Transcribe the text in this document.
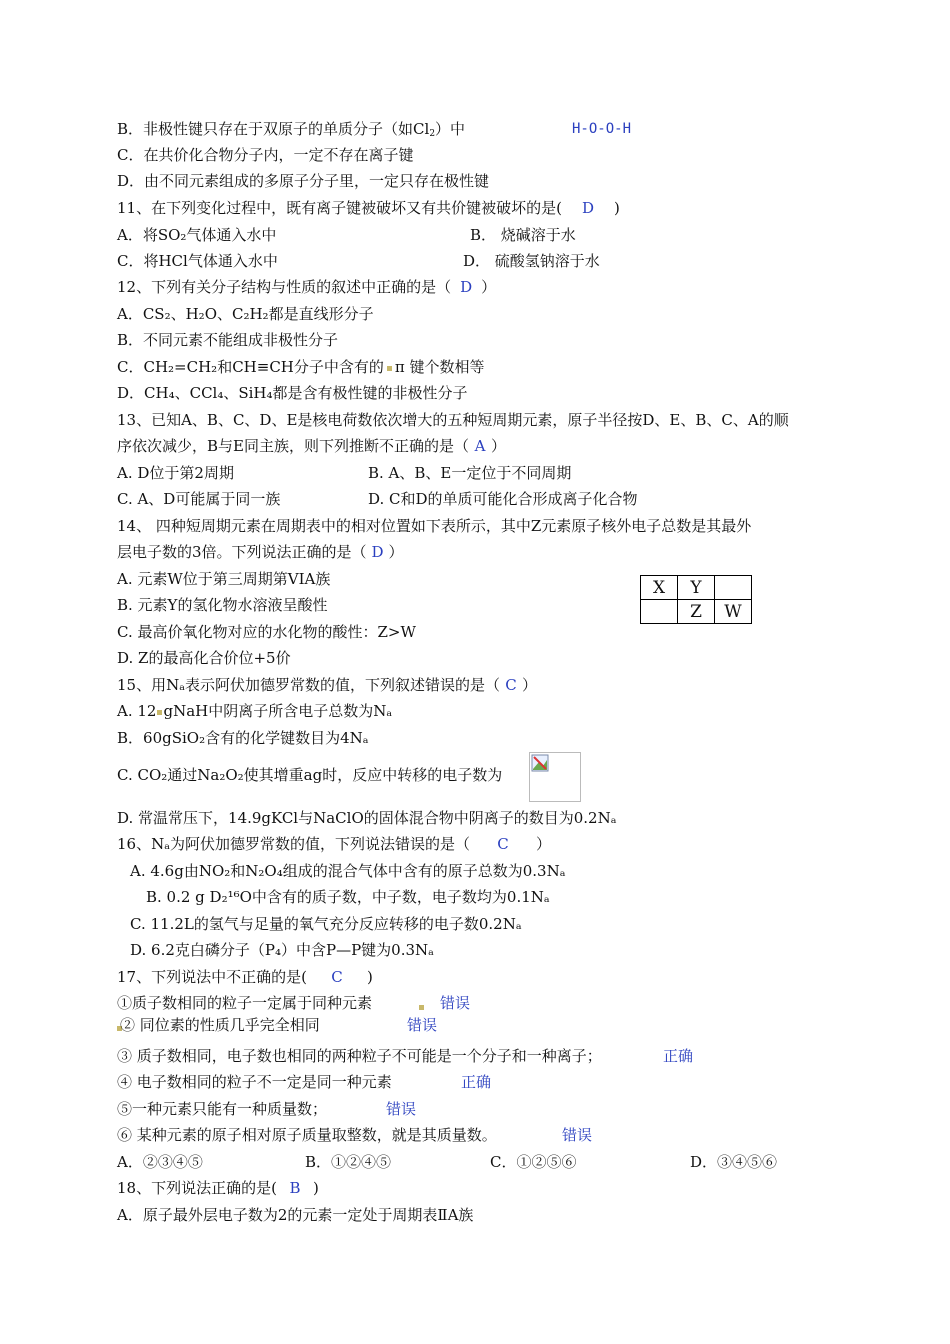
B．非极性键只存在于双原子的单质分子（如$Cl_2$）中	H-O-O-H
C．在共价化合物分子内，一定不存在离子键
D．由不同元素组成的多原子分子里，一定只存在极性键
11、在下列变化过程中，既有离子键被破坏又有共价键被破坏的是( D )
A．将SO₂气体通入水中	B． 烧碱溶于水
C．将HCl气体通入水中	D． 硫酸氢钠溶于水
12、下列有关分子结构与性质的叙述中正确的是（ D ）
A．CS₂、H₂O、C₂H₂都是直线形分子
B．不同元素不能组成非极性分子
C．CH₂=CH₂和CH≡CH分子中含有的 π 键个数相等
D．CH₄、CCl₄、SiH₄都是含有极性键的非极性分子
13、已知A、B、C、D、E是核电荷数依次增大的五种短周期元素，原子半径按D、E、B、C、A的顺
序依次减少，B与E同主族，则下列推断不正确的是（ A ）
A. D位于第2周期	B. A、B、E一定位于不同周期
C. A、D可能属于同一族	D. C和D的单质可能化合形成离子化合物
14、 四种短周期元素在周期表中的相对位置如下表所示，其中Z元素原子核外电子总数是其最外
层电子数的3倍。下列说法正确的是（ D ）
A. 元素W位于第三周期第VIA族
B. 元素Y的氢化物水溶液呈酸性
C. 最高价氧化物对应的水化物的酸性：Z>W
D. Z的最高化合价位+5价
X	Y	
	Z	W
15、用Nₐ表示阿伏加德罗常数的值，下列叙述错误的是（ C ）
A. 12 gNaH中阴离子所含电子总数为Nₐ
B．60gSiO₂含有的化学键数目为4Nₐ
C. CO₂通过Na₂O₂使其增重ag时，反应中转移的电子数为
D. 常温常压下，14.9gKCl与NaClO的固体混合物中阴离子的数目为0.2Nₐ
16、Nₐ为阿伏加德罗常数的值，下列说法错误的是（ C ）
A. 4.6g由NO₂和N₂O₄组成的混合气体中含有的原子总数为0.3Nₐ
B. 0.2 g D₂¹⁶O中含有的质子数，中子数，电子数均为0.1Nₐ
C. 11.2L的氢气与足量的氧气充分反应转移的电子数0.2Nₐ
D. 6.2克白磷分子（P₄）中含P—P键为0.3Nₐ
17、下列说法中不正确的是( C )
①质子数相同的粒子一定属于同种元素	错误
② 同位素的性质几乎完全相同	错误
③ 质子数相同，电子数也相同的两种粒子不可能是一个分子和一种离子；	正确
④ 电子数相同的粒子不一定是同一种元素	正确
⑤一种元素只能有一种质量数；	错误
⑥ 某种元素的原子相对原子质量取整数，就是其质量数。	错误
A．②③④⑤	B．①②④⑤	C．①②⑤⑥	D．③④⑤⑥
18、下列说法正确的是( B )
A．原子最外层电子数为2的元素一定处于周期表ⅡA族
